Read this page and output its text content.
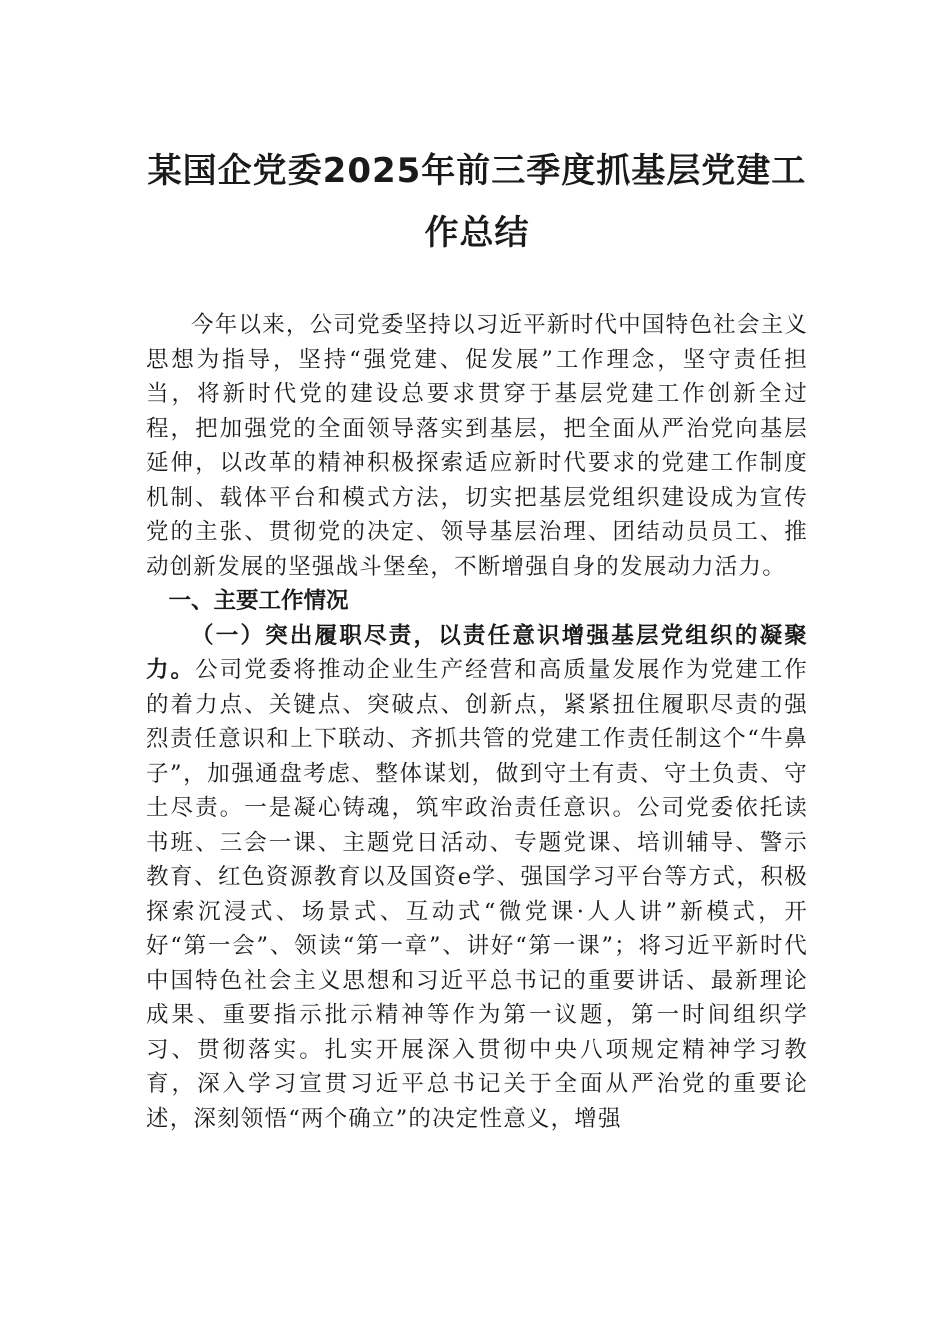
某国企党委2025年前三季度抓基层党建工
作总结

今年以来，公司党委坚持以习近平新时代中国特色社会主义思想为指导，坚持“强党建、促发展”工作理念，坚守责任担当，将新时代党的建设总要求贯穿于基层党建工作创新全过程，把加强党的全面领导落实到基层，把全面从严治党向基层延伸，以改革的精神积极探索适应新时代要求的党建工作制度机制、载体平台和模式方法，切实把基层党组织建设成为宣传党的主张、贯彻党的决定、领导基层治理、团结动员员工、推动创新发展的坚强战斗堡垒，不断增强自身的发展动力活力。

一、主要工作情况

（一）突出履职尽责，以责任意识增强基层党组织的凝聚力。公司党委将推动企业生产经营和高质量发展作为党建工作的着力点、关键点、突破点、创新点，紧紧扭住履职尽责的强烈责任意识和上下联动、齐抓共管的党建工作责任制这个“牛鼻子”，加强通盘考虑、整体谋划，做到守土有责、守土负责、守土尽责。一是凝心铸魂，筑牢政治责任意识。公司党委依托读书班、三会一课、主题党日活动、专题党课、培训辅导、警示教育、红色资源教育以及国资e学、强国学习平台等方式，积极探索沉浸式、场景式、互动式“微党课·人人讲”新模式，开好“第一会”、领读“第一章”、讲好“第一课”；将习近平新时代中国特色社会主义思想和习近平总书记的重要讲话、最新理论成果、重要指示批示精神等作为第一议题，第一时间组织学习、贯彻落实。扎实开展深入贯彻中央八项规定精神学习教育，深入学习宣贯习近平总书记关于全面从严治党的重要论述，深刻领悟“两个确立”的决定性意义，增强
